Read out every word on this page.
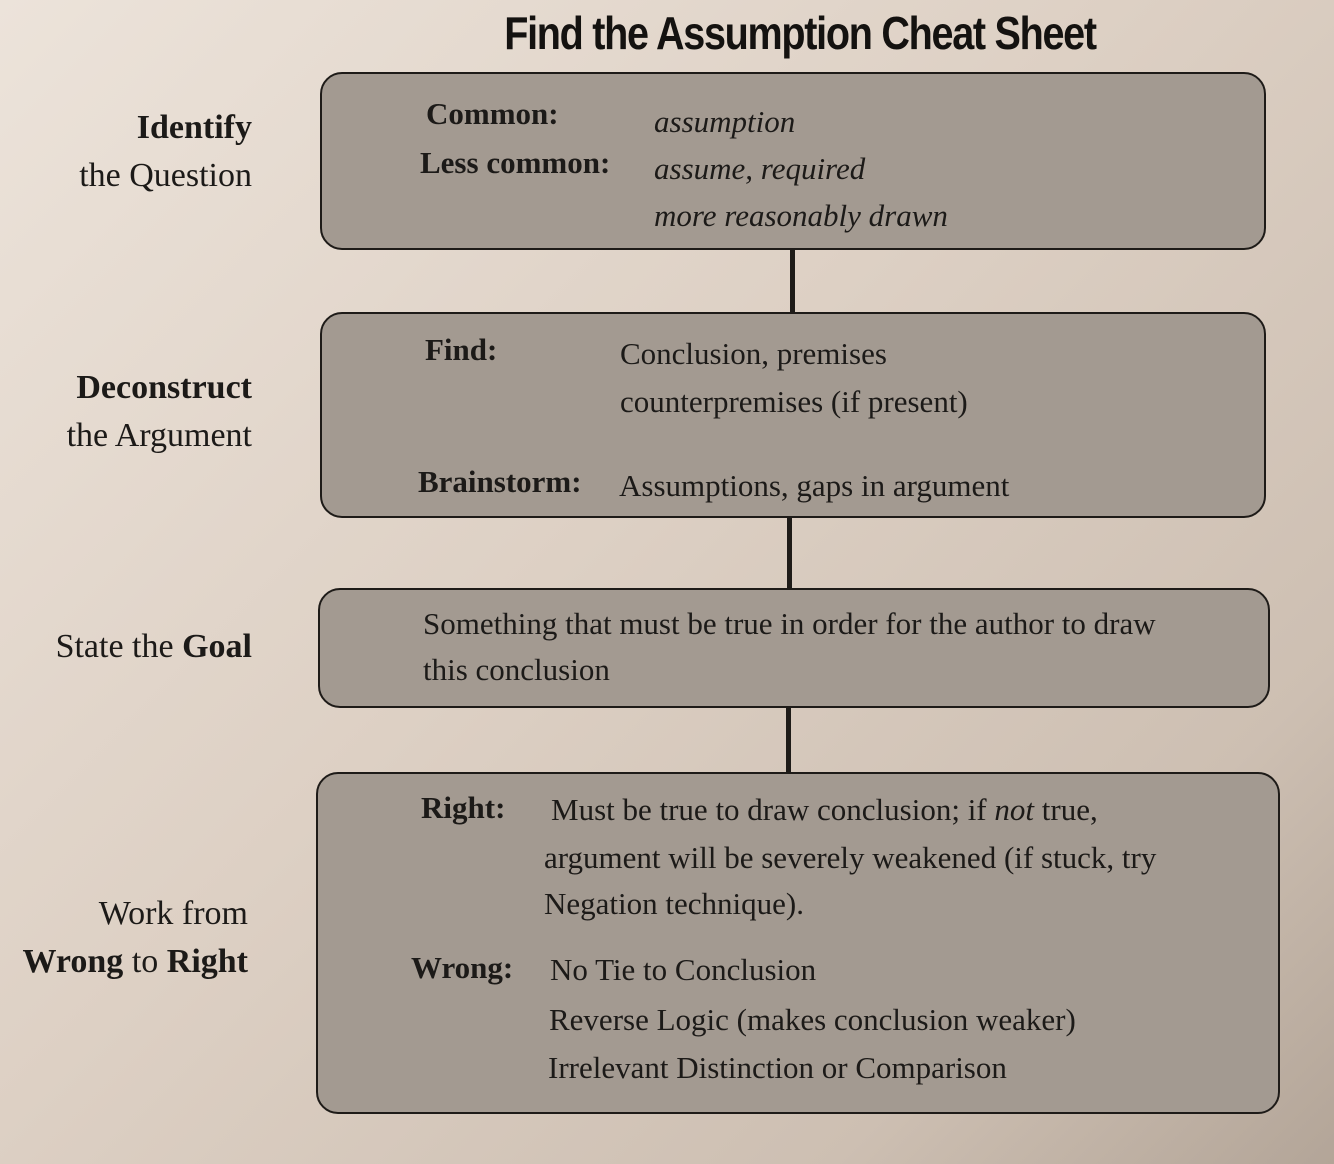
Find the Assumption Cheat Sheet
Identify
the Question
Common:	assumption
Less common: assume, required
more reasonably drawn
Deconstruct
the Argument
Find:	Conclusion, premises
counterpremises (if present)
Brainstorm: Assumptions, gaps in argument
State the Goal
Something that must be true in order for the author to draw
this conclusion
Work from
Wrong to Right
Right: Must be true to draw conclusion; if not true,
argument will be severely weakened (if stuck, try
Negation technique).
Wrong: No Tie to Conclusion
Reverse Logic (makes conclusion weaker)
Irrelevant Distinction or Comparison
